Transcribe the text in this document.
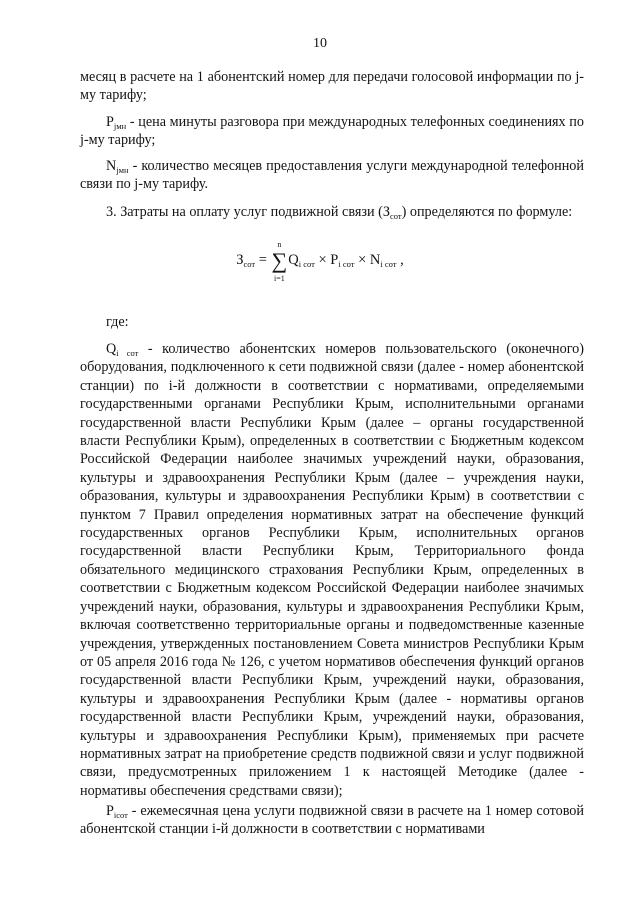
10
месяц в расчете на 1 абонентский номер для передачи голосовой информации по j-му тарифу;
$P_{jмн}$ - цена минуты разговора при международных телефонных соединениях по j-му тарифу;
$N_{jмн}$ - количество месяцев предоставления услуги международной телефонной связи по j-му тарифу.
3. Затраты на оплату услуг подвижной связи $(З_{сот})$ определяются по формуле:
$З_{сот}$ = ∑
n
i=1
$Q_{i сот} \times P_{i сот} \times N_{i сот}$ ,
где:
$Q_{i сот}$ - количество абонентских номеров пользовательского (оконечного) оборудования, подключенного к сети подвижной связи (далее - номер абонентской станции) по i-й должности в соответствии с нормативами, определяемыми государственными органами Республики Крым, исполнительными органами государственной власти Республики Крым (далее – органы государственной власти Республики Крым), определенных в соответствии с Бюджетным кодексом Российской Федерации наиболее значимых учреждений науки, образования, культуры и здравоохранения Республики Крым (далее – учреждения науки, образования, культуры и здравоохранения Республики Крым) в соответствии с пунктом 7 Правил определения нормативных затрат на обеспечение функций государственных органов Республики Крым, исполнительных органов государственной власти Республики Крым, Территориального фонда обязательного медицинского страхования Республики Крым, определенных в соответствии с Бюджетным кодексом Российской Федерации наиболее значимых учреждений науки, образования, культуры и здравоохранения Республики Крым, включая соответственно территориальные органы и подведомственные казенные учреждения, утвержденных постановлением Совета министров Республики Крым от 05 апреля 2016 года № 126, с учетом нормативов обеспечения функций органов государственной власти Республики Крым, учреждений науки, образования, культуры и здравоохранения Республики Крым (далее - нормативы органов государственной власти Республики Крым, учреждений науки, образования, культуры и здравоохранения Республики Крым), применяемых при расчете нормативных затрат на приобретение средств подвижной связи и услуг подвижной связи, предусмотренных приложением 1 к настоящей Методике (далее - нормативы обеспечения средствами связи);
$P_{icот}$ - ежемесячная цена услуги подвижной связи в расчете на 1 номер сотовой абонентской станции i-й должности в соответствии с нормативами
